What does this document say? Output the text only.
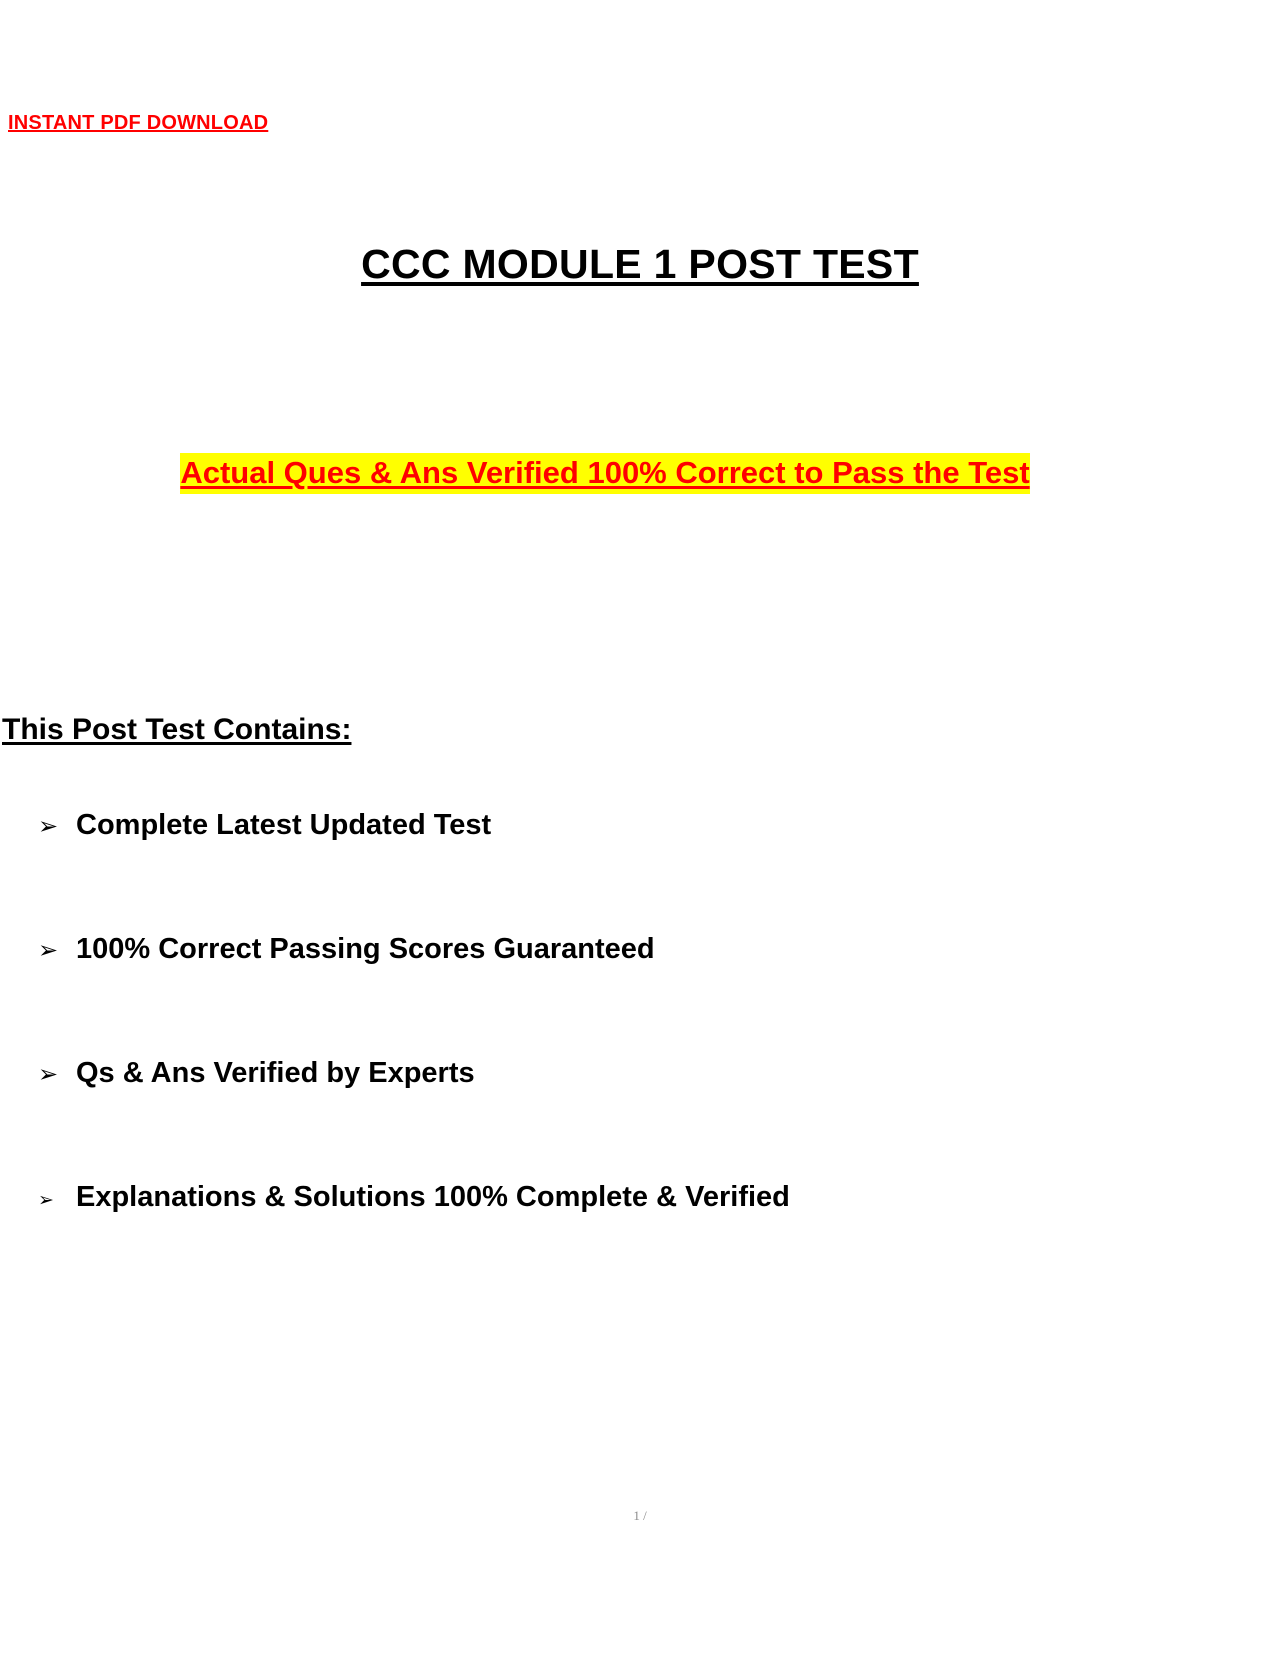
INSTANT PDF DOWNLOAD
CCC MODULE 1 POST TEST
Actual Ques & Ans Verified 100% Correct to Pass the Test
This Post Test Contains:
➢ Complete Latest Updated Test
➢ 100% Correct Passing Scores Guaranteed
➢ Qs & Ans Verified by Experts
➢ Explanations & Solutions 100% Complete & Verified
1 /
